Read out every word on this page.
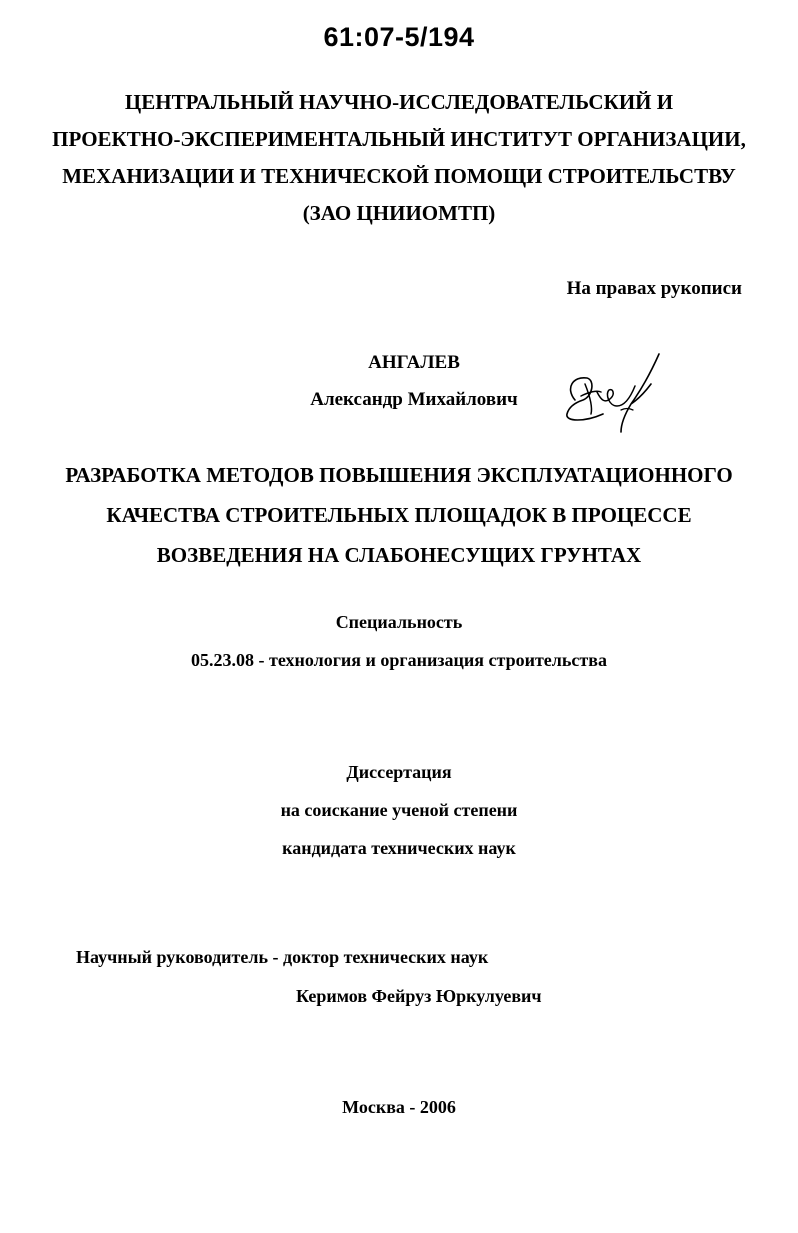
61:07-5/194
ЦЕНТРАЛЬНЫЙ НАУЧНО-ИССЛЕДОВАТЕЛЬСКИЙ И
ПРОЕКТНО-ЭКСПЕРИМЕНТАЛЬНЫЙ ИНСТИТУТ ОРГАНИЗАЦИИ,
МЕХАНИЗАЦИИ И ТЕХНИЧЕСКОЙ ПОМОЩИ СТРОИТЕЛЬСТВУ
(ЗАО ЦНИИОМТП)
На правах рукописи
АНГАЛЕВ
Александр Михайлович
РАЗРАБОТКА МЕТОДОВ ПОВЫШЕНИЯ ЭКСПЛУАТАЦИОННОГО
КАЧЕСТВА СТРОИТЕЛЬНЫХ ПЛОЩАДОК В ПРОЦЕССЕ
ВОЗВЕДЕНИЯ НА СЛАБОНЕСУЩИХ ГРУНТАХ
Специальность
05.23.08 - технология и организация строительства
Диссертация
на соискание ученой степени
кандидата технических наук
Научный руководитель - доктор технических наук
Керимов Фейруз Юркулуевич
Москва - 2006
